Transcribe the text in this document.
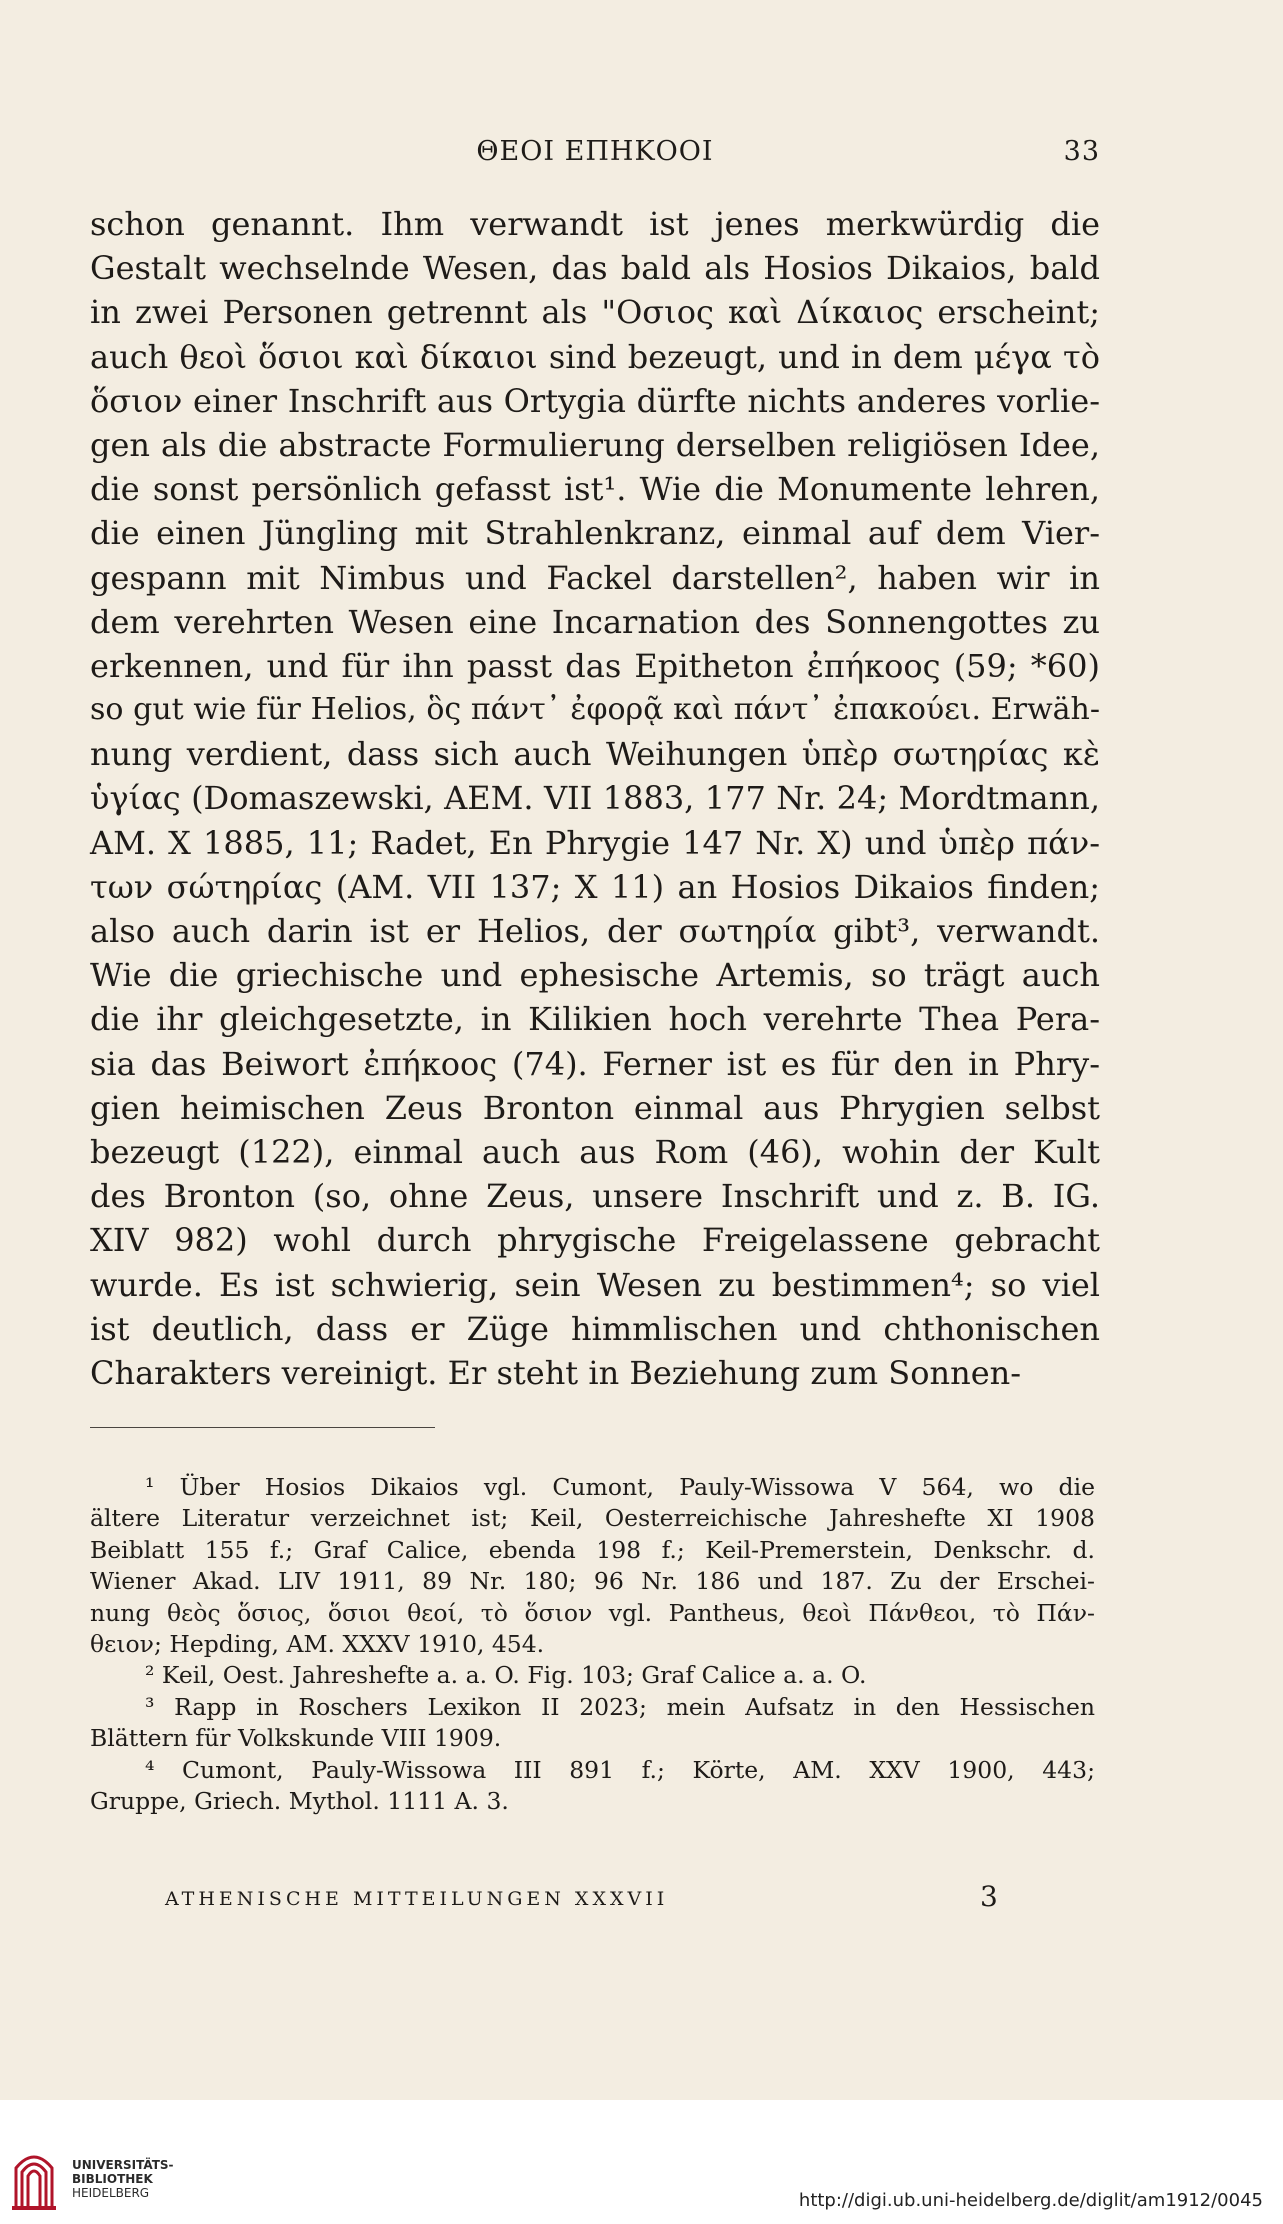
ΘΕΟΙ ΕΠΗΚΟΟΙ	33
schon genannt. Ihm verwandt ist jenes merkwürdig die
Gestalt wechselnde Wesen, das bald als Hosios Dikaios, bald
in zwei Personen getrennt als "Οσιος καὶ Δίκαιος erscheint;
auch θεοὶ ὅσιοι καὶ δίκαιοι sind bezeugt, und in dem μέγα τὸ
ὅσιον einer Inschrift aus Ortygia dürfte nichts anderes vorlie-
gen als die abstracte Formulierung derselben religiösen Idee,
die sonst persönlich gefasst ist¹. Wie die Monumente lehren,
die einen Jüngling mit Strahlenkranz, einmal auf dem Vier-
gespann mit Nimbus und Fackel darstellen², haben wir in
dem verehrten Wesen eine Incarnation des Sonnengottes zu
erkennen, und für ihn passt das Epitheton ἐπήκοος (59; *60)
so gut wie für Helios, ὃς πάντ᾽ ἐφορᾷ καὶ πάντ᾽ ἐπακούει. Erwäh-
nung verdient, dass sich auch Weihungen ὑπὲρ σωτηρίας κὲ
ὑγίας (Domaszewski, AEM. VII 1883, 177 Nr. 24; Mordtmann,
AM. X 1885, 11; Radet, En Phrygie 147 Nr. X) und ὑπὲρ πάν-
των σώτηρίας (AM. VII 137; X 11) an Hosios Dikaios finden;
also auch darin ist er Helios, der σωτηρία gibt³, verwandt.
Wie die griechische und ephesische Artemis, so trägt auch
die ihr gleichgesetzte, in Kilikien hoch verehrte Thea Pera-
sia das Beiwort ἐπήκοος (74). Ferner ist es für den in Phry-
gien heimischen Zeus Bronton einmal aus Phrygien selbst
bezeugt (122), einmal auch aus Rom (46), wohin der Kult
des Bronton (so, ohne Zeus, unsere Inschrift und z. B. IG.
XIV 982) wohl durch phrygische Freigelassene gebracht
wurde. Es ist schwierig, sein Wesen zu bestimmen⁴; so viel
ist deutlich, dass er Züge himmlischen und chthonischen
Charakters vereinigt. Er steht in Beziehung zum Sonnen-
¹ Über Hosios Dikaios vgl. Cumont, Pauly-Wissowa V 564, wo die
ältere Literatur verzeichnet ist; Keil, Oesterreichische Jahreshefte XI 1908
Beiblatt 155 f.; Graf Calice, ebenda 198 f.; Keil-Premerstein, Denkschr. d.
Wiener Akad. LIV 1911, 89 Nr. 180; 96 Nr. 186 und 187. Zu der Erschei-
nung θεὸς ὅσιος, ὅσιοι θεοί, τὸ ὅσιον vgl. Pantheus, θεοὶ Πάνθεοι, τὸ Πάν-
θειον; Hepding, AM. XXXV 1910, 454.
² Keil, Oest. Jahreshefte a. a. O. Fig. 103; Graf Calice a. a. O.
³ Rapp in Roschers Lexikon II 2023; mein Aufsatz in den Hessischen
Blättern für Volkskunde VIII 1909.
⁴ Cumont, Pauly-Wissowa III 891 f.; Körte, AM. XXV 1900, 443;
Gruppe, Griech. Mythol. 1111 A. 3.
ATHENISCHE MITTEILUNGEN XXXVII	3
UNIVERSITÄTS-
BIBLIOTHEK
HEIDELBERG	http://digi.ub.uni-heidelberg.de/diglit/am1912/0045
